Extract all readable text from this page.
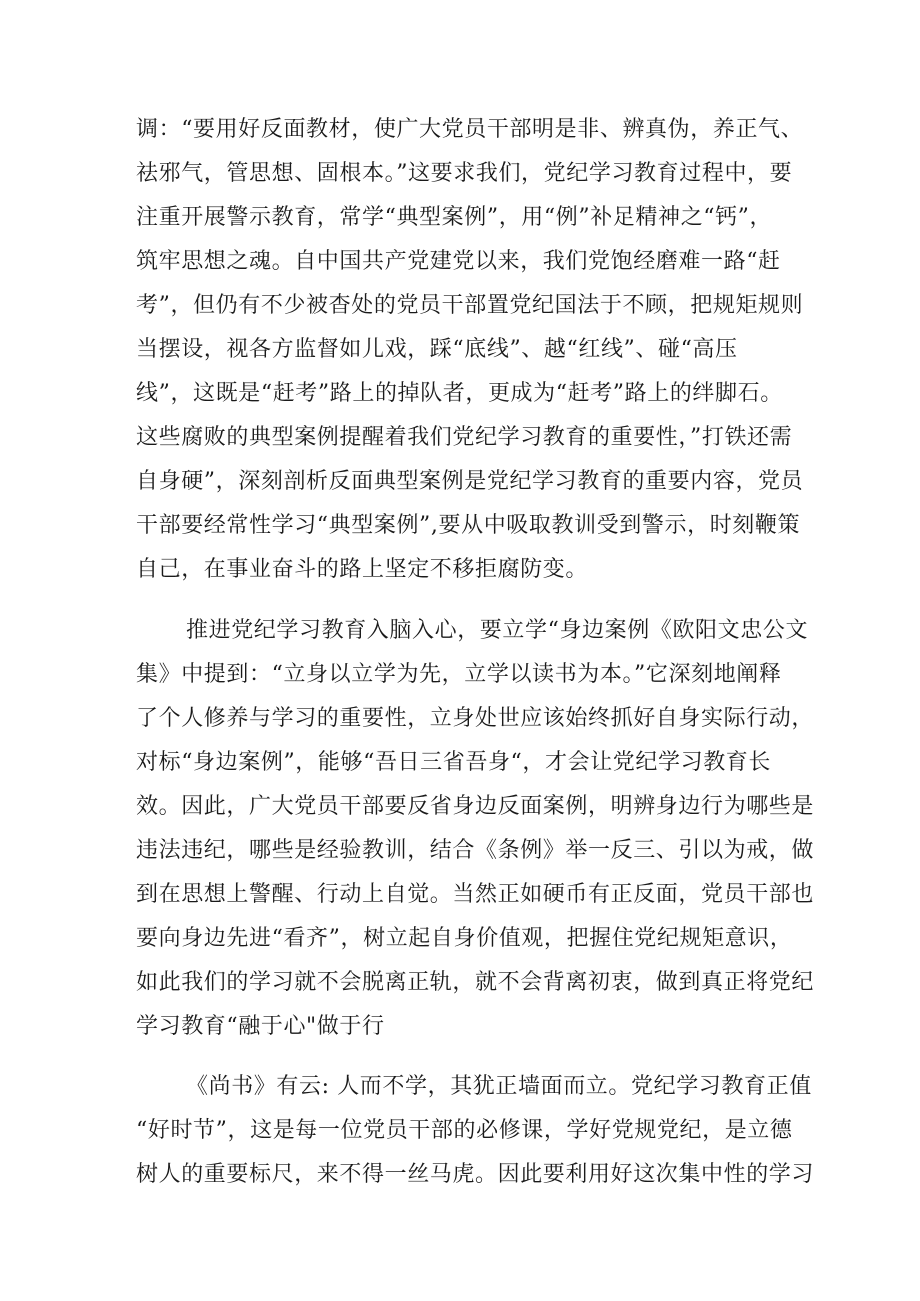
调：“要用好反面教材，使广大党员干部明是非、辨真伪，养正气、
祛邪气，管思想、固根本。”这要求我们，党纪学习教育过程中，要
注重开展警示教育，常学“典型案例”，用“例”补足精神之“钙”，
筑牢思想之魂。自中国共产党建党以来，我们党饱经磨难一路“赶
考”，但仍有不少被杳处的党员干部置党纪国法于不顾，把规矩规则
当摆设，视各方监督如儿戏，踩“底线”、越“红线”、碰“高压
线”，这既是“赶考”路上的掉队者，更成为“赶考”路上的绊脚石。
这些腐败的典型案例提醒着我们党纪学习教育的重要性，”打铁还需
自身硬”，深刻剖析反面典型案例是党纪学习教育的重要内容，党员
干部要经常性学习“典型案例”,要从中吸取教训受到警示，时刻鞭策
自己，在事业奋斗的路上坚定不移拒腐防变。
推进党纪学习教育入脑入心，要立学“身边案例《欧阳文忠公文
集》中提到：“立身以立学为先，立学以读书为本。”它深刻地阐释
了个人修养与学习的重要性，立身处世应该始终抓好自身实际行动，
对标“身边案例”，能够“吾日三省吾身“，才会让党纪学习教育长
效。因此，广大党员干部要反省身边反面案例，明辨身边行为哪些是
违法违纪，哪些是经验教训，结合《条例》举一反三、引以为戒，做
到在思想上警醒、行动上自觉。当然正如硬币有正反面，党员干部也
要向身边先进“看齐”，树立起自身价值观，把握住党纪规矩意识，
如此我们的学习就不会脱离正轨，就不会背离初衷，做到真正将党纪
学习教育“融于心"做于行
《尚书》有云: 人而不学，其犹正墙面而立。党纪学习教育正值
“好时节”，这是每一位党员干部的必修课，学好党规党纪，是立德
树人的重要标尺，来不得一丝马虎。因此要利用好这次集中性的学习
